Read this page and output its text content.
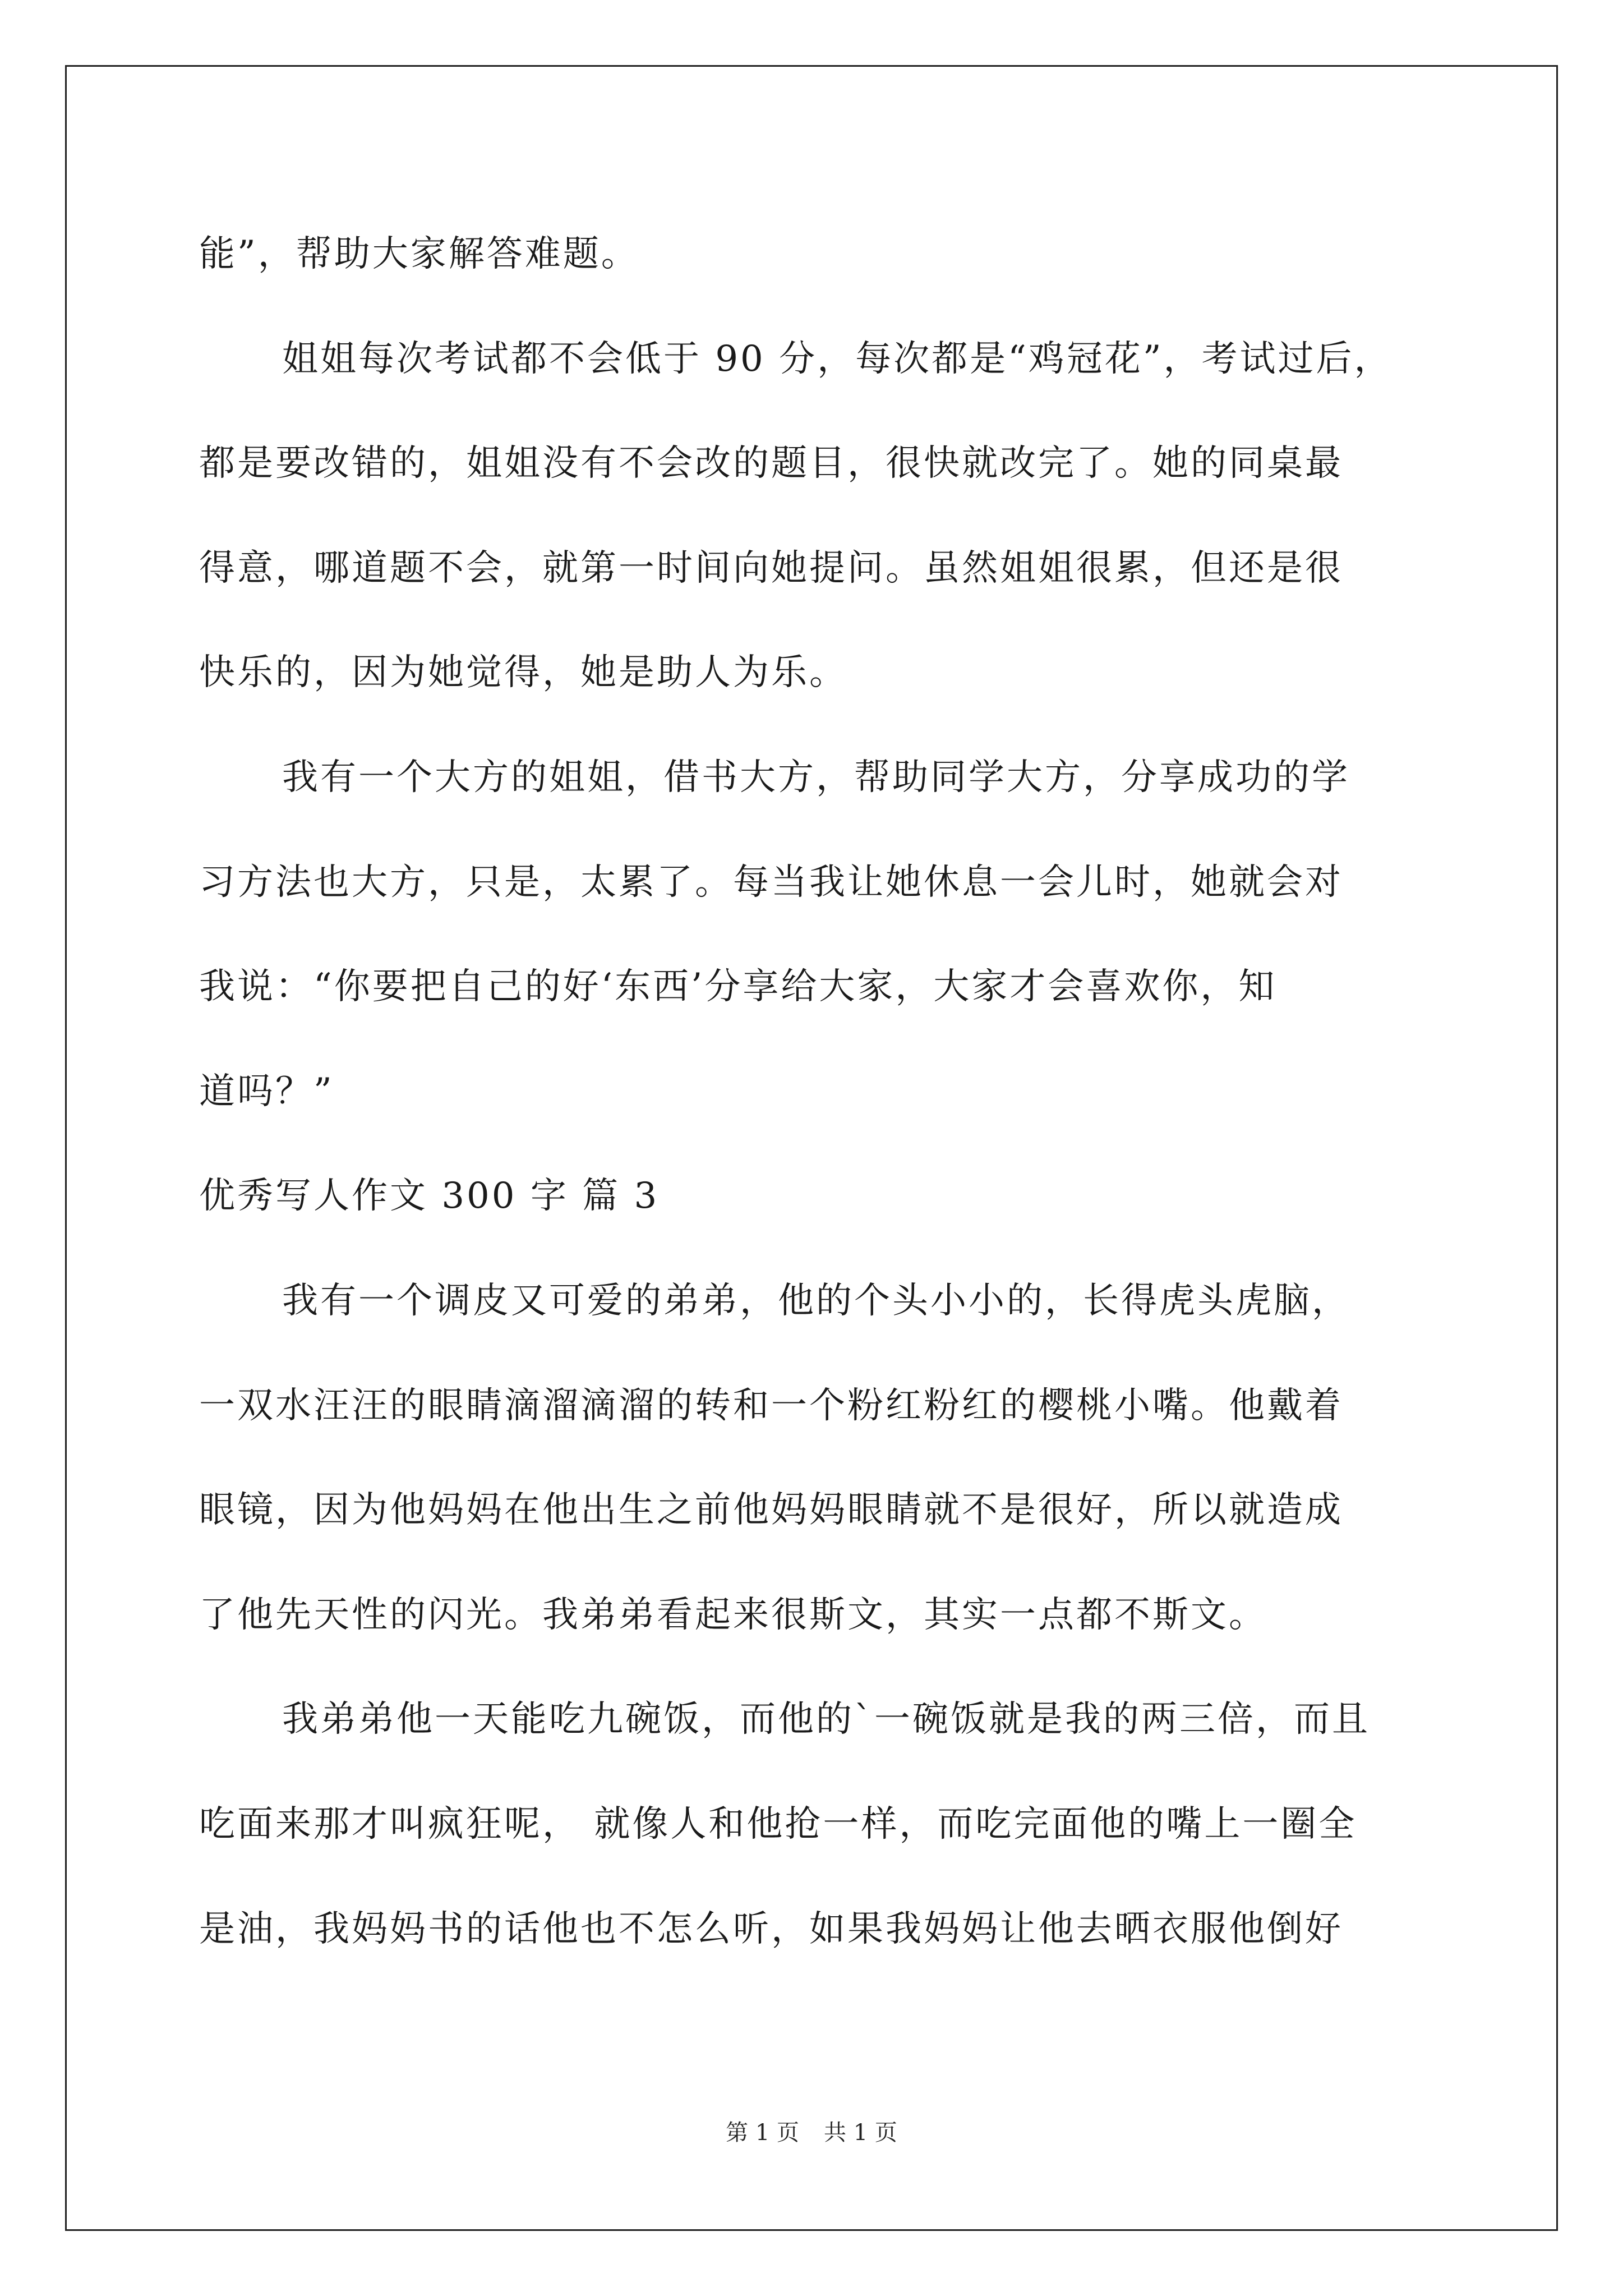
能”，帮助大家解答难题。
姐姐每次考试都不会低于 90 分，每次都是“鸡冠花”，考试过后，
都是要改错的，姐姐没有不会改的题目，很快就改完了。她的同桌最
得意，哪道题不会，就第一时间向她提问。虽然姐姐很累，但还是很
快乐的，因为她觉得，她是助人为乐。
我有一个大方的姐姐，借书大方，帮助同学大方，分享成功的学
习方法也大方，只是，太累了。每当我让她休息一会儿时，她就会对
我说：“你要把自己的好‘东西’分享给大家，大家才会喜欢你，知
道吗？”
优秀写人作文 300 字 篇 3
我有一个调皮又可爱的弟弟，他的个头小小的，长得虎头虎脑，
一双水汪汪的眼睛滴溜滴溜的转和一个粉红粉红的樱桃小嘴。他戴着
眼镜，因为他妈妈在他出生之前他妈妈眼睛就不是很好，所以就造成
了他先天性的闪光。我弟弟看起来很斯文，其实一点都不斯文。
我弟弟他一天能吃九碗饭，而他的`一碗饭就是我的两三倍，而且
吃面来那才叫疯狂呢， 就像人和他抢一样，而吃完面他的嘴上一圈全
是油，我妈妈书的话他也不怎么听，如果我妈妈让他去晒衣服他倒好
第 1 页 共 1 页
